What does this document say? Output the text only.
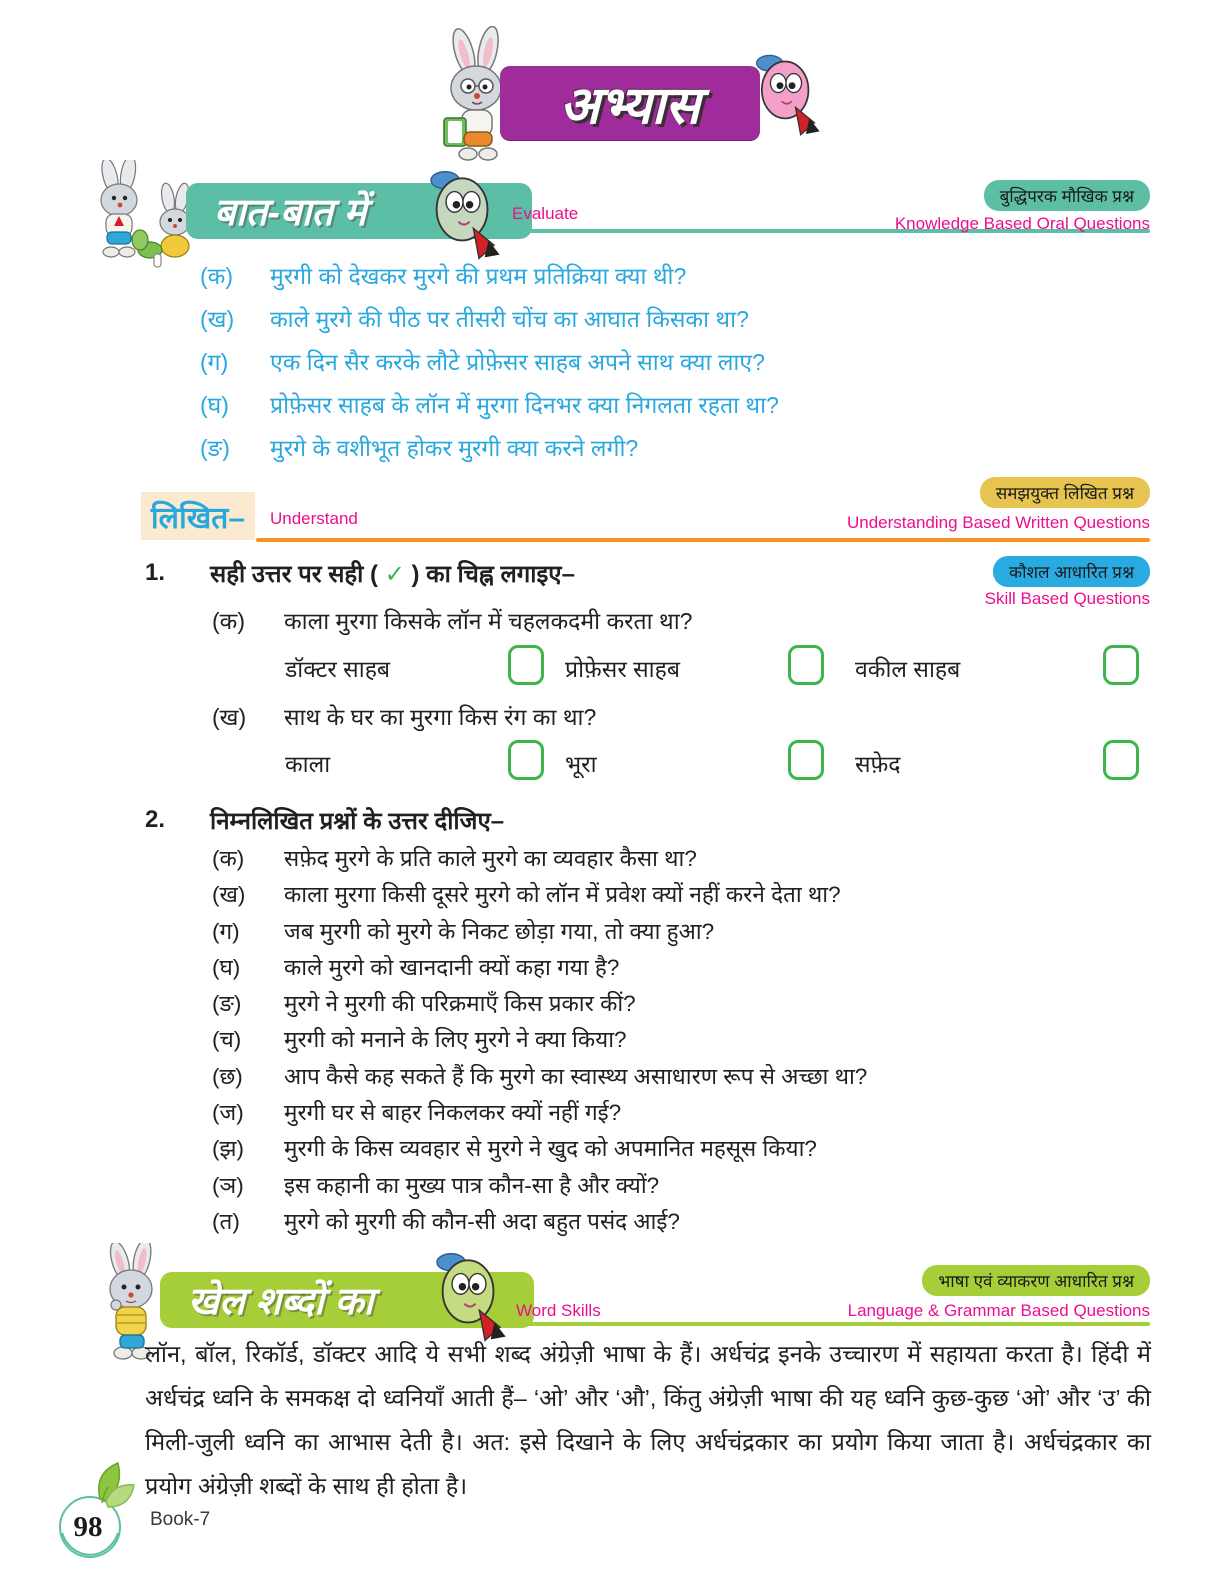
अभ्यास
बात-बात में	Evaluate
बुद्धिपरक मौखिक प्रश्न
Knowledge Based Oral Questions
(क) मुरगी को देखकर मुरगे की प्रथम प्रतिक्रिया क्या थी?
(ख) काले मुरगे की पीठ पर तीसरी चोंच का आघात किसका था?
(ग) एक दिन सैर करके लौटे प्रोफ़ेसर साहब अपने साथ क्या लाए?
(घ) प्रोफ़ेसर साहब के लॉन में मुरगा दिनभर क्या निगलता रहता था?
(ङ) मुरगे के वशीभूत होकर मुरगी क्या करने लगी?
लिखित– Understand
समझयुक्त लिखित प्रश्न
Understanding Based Written Questions
1. सही उत्तर पर सही ( ✓ ) का चिह्न लगाइए–	कौशल आधारित प्रश्न
Skill Based Questions
(क) काला मुरगा किसके लॉन में चहलकदमी करता था?
डॉक्टर साहब	प्रोफ़ेसर साहब	वकील साहब
(ख) साथ के घर का मुरगा किस रंग का था?
काला	भूरा	सफ़ेद
2. निम्नलिखित प्रश्नों के उत्तर दीजिए–
(क) सफ़ेद मुरगे के प्रति काले मुरगे का व्यवहार कैसा था?
(ख) काला मुरगा किसी दूसरे मुरगे को लॉन में प्रवेश क्यों नहीं करने देता था?
(ग) जब मुरगी को मुरगे के निकट छोड़ा गया, तो क्या हुआ?
(घ) काले मुरगे को खानदानी क्यों कहा गया है?
(ङ) मुरगे ने मुरगी की परिक्रमाएँ किस प्रकार कीं?
(च) मुरगी को मनाने के लिए मुरगे ने क्या किया?
(छ) आप कैसे कह सकते हैं कि मुरगे का स्वास्थ्य असाधारण रूप से अच्छा था?
(ज) मुरगी घर से बाहर निकलकर क्यों नहीं गई?
(झ) मुरगी के किस व्यवहार से मुरगे ने खुद को अपमानित महसूस किया?
(ञ) इस कहानी का मुख्य पात्र कौन-सा है और क्यों?
(त) मुरगे को मुरगी की कौन-सी अदा बहुत पसंद आई?
खेल शब्दों का	Word Skills
भाषा एवं व्याकरण आधारित प्रश्न
Language & Grammar Based Questions
लॉन, बॉल, रिकॉर्ड, डॉक्टर आदि ये सभी शब्द अंग्रेज़ी भाषा के हैं। अर्धचंद्र इनके उच्चारण में सहायता करता है। हिंदी में अर्धचंद्र ध्वनि के समकक्ष दो ध्वनियाँ आती हैं– ‘ओ’ और ‘औ’, किंतु अंग्रेज़ी भाषा की यह ध्वनि कुछ-कुछ ‘ओ’ और ‘उ’ की मिली-जुली ध्वनि का आभास देती है। अत: इसे दिखाने के लिए अर्धचंद्रकार का प्रयोग किया जाता है। अर्धचंद्रकार का प्रयोग अंग्रेज़ी शब्दों के साथ ही होता है।
98	Book-7
